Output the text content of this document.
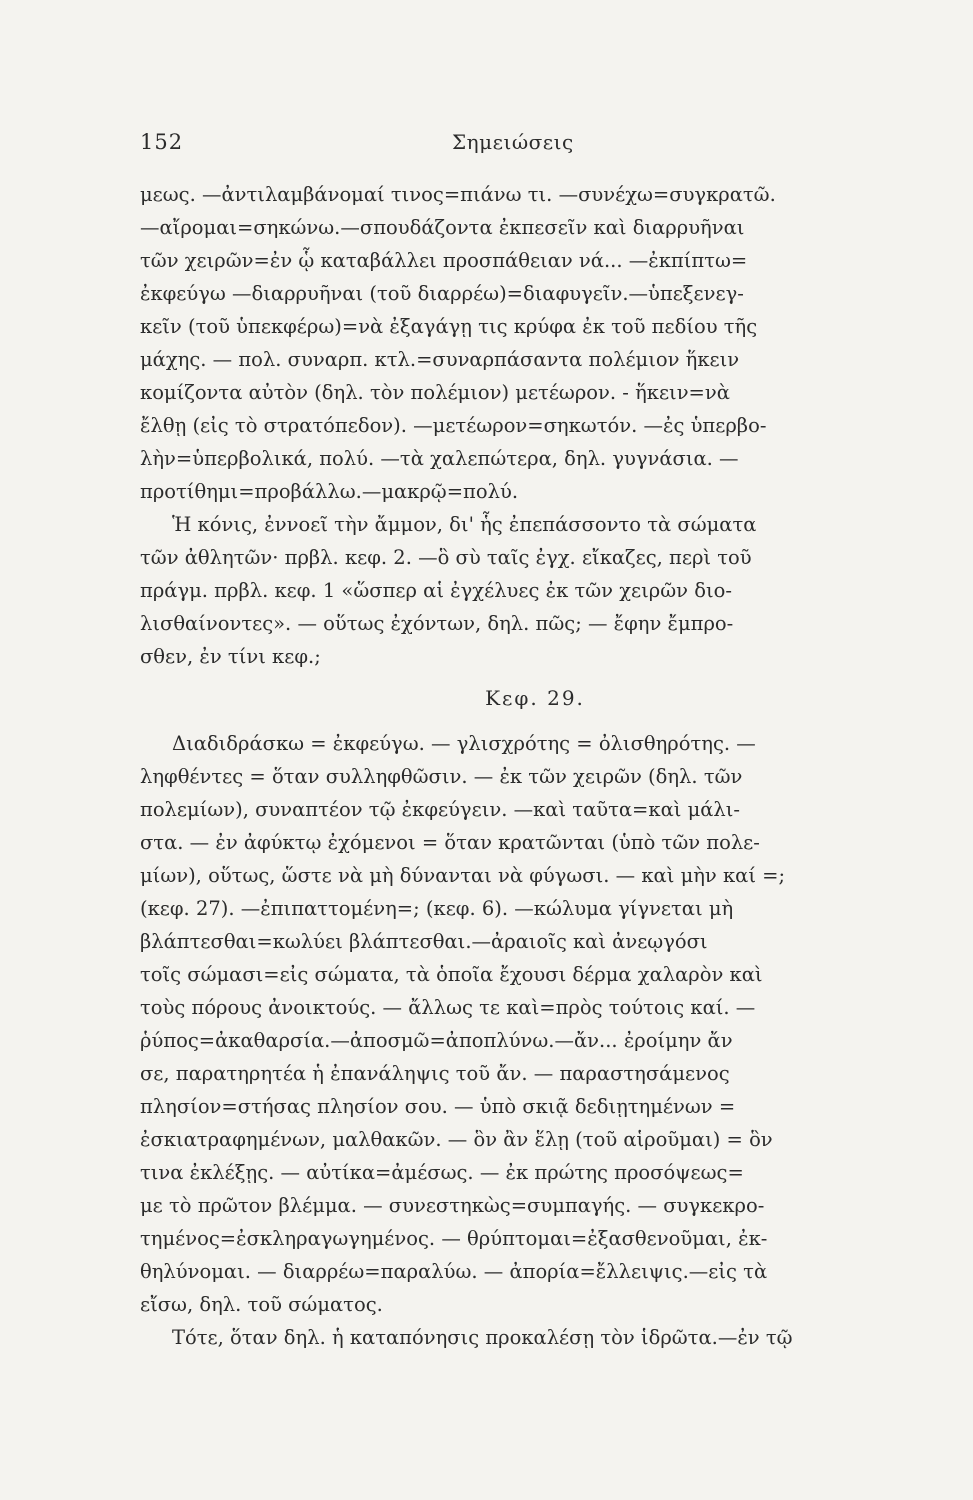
152	Σημειώσεις
μεως. —ἀντιλαμβάνομαί τινος=πιάνω τι. —συνέχω=συγκρατῶ.
—αἴρομαι=σηκώνω.—σπουδάζοντα ἐκπεσεῖν καὶ διαρρυῆναι
τῶν χειρῶν=ἐν ᾧ καταβάλλει προσπάθειαν νά... —ἐκπίπτω=
ἐκφεύγω —διαρρυῆναι (τοῦ διαρρέω)=διαφυγεῖν.—ὑπεξενεγ-
κεῖν (τοῦ ὑπεκφέρω)=νὰ ἐξαγάγῃ τις κρύφα ἐκ τοῦ πεδίου τῆς
μάχης. — πολ. συναρπ. κτλ.=συναρπάσαντα πολέμιον ἥκειν
κομίζοντα αὐτὸν (δηλ. τὸν πολέμιον) μετέωρον. - ἥκειν=νὰ
ἔλθῃ (εἰς τὸ στρατόπεδον). —μετέωρον=σηκωτόν. —ἐς ὑπερβο-
λὴν=ὑπερβολικά, πολύ. —τὰ χαλεπώτερα, δηλ. γυγνάσια. —
προτίθημι=προβάλλω.—μακρῷ=πολύ.
Ἡ κόνις, ἐννοεῖ τὴν ἄμμον, δι' ἧς ἐπεπάσσοντο τὰ σώματα
τῶν ἀθλητῶν· πρβλ. κεφ. 2. —ὃ σὺ ταῖς ἐγχ. εἴκαζες, περὶ τοῦ
πράγμ. πρβλ. κεφ. 1 «ὥσπερ αἱ ἐγχέλυες ἐκ τῶν χειρῶν διο-
λισθαίνοντες». — οὕτως ἐχόντων, δηλ. πῶς; — ἔφην ἔμπρο-
σθεν, ἐν τίνι κεφ.;
Κεφ. 29.
Διαδιδράσκω = ἐκφεύγω. — γλισχρότης = ὀλισθηρότης. —
ληφθέντες = ὅταν συλληφθῶσιν. — ἐκ τῶν χειρῶν (δηλ. τῶν
πολεμίων), συναπτέον τῷ ἐκφεύγειν. —καὶ ταῦτα=καὶ μάλι-
στα. — ἐν ἀφύκτῳ ἐχόμενοι = ὅταν κρατῶνται (ὑπὸ τῶν πολε-
μίων), οὕτως, ὥστε νὰ μὴ δύνανται νὰ φύγωσι. — καὶ μὴν καί =;
(κεφ. 27). —ἐπιπαττομένη=; (κεφ. 6). —κώλυμα γίγνεται μὴ
βλάπτεσθαι=κωλύει βλάπτεσθαι.—ἀραιοῖς καὶ ἀνεῳγόσι
τοῖς σώμασι=εἰς σώματα, τὰ ὁποῖα ἔχουσι δέρμα χαλαρὸν καὶ
τοὺς πόρους ἀνοικτούς. — ἄλλως τε καὶ=πρὸς τούτοις καί. —
ῥύπος=ἀκαθαρσία.—ἀποσμῶ=ἀποπλύνω.—ἄν... ἐροίμην ἄν
σε, παρατηρητέα ἡ ἐπανάληψις τοῦ ἄν. — παραστησάμενος
πλησίον=στήσας πλησίον σου. — ὑπὸ σκιᾷ δεδιῃτημένων =
ἐσκιατραφημένων, μαλθακῶν. — ὃν ἂν ἕλῃ (τοῦ αἱροῦμαι) = ὃν
τινα ἐκλέξῃς. — αὐτίκα=ἀμέσως. — ἐκ πρώτης προσόψεως=
με τὸ πρῶτον βλέμμα. — συνεστηκὼς=συμπαγής. — συγκεκρο-
τημένος=ἐσκληραγωγημένος. — θρύπτομαι=ἐξασθενοῦμαι, ἐκ-
θηλύνομαι. — διαρρέω=παραλύω. — ἀπορία=ἔλλειψις.—εἰς τὰ
εἴσω, δηλ. τοῦ σώματος.
Τότε, ὅταν δηλ. ἡ καταπόνησις προκαλέσῃ τὸν ἱδρῶτα.—ἐν τῷ
